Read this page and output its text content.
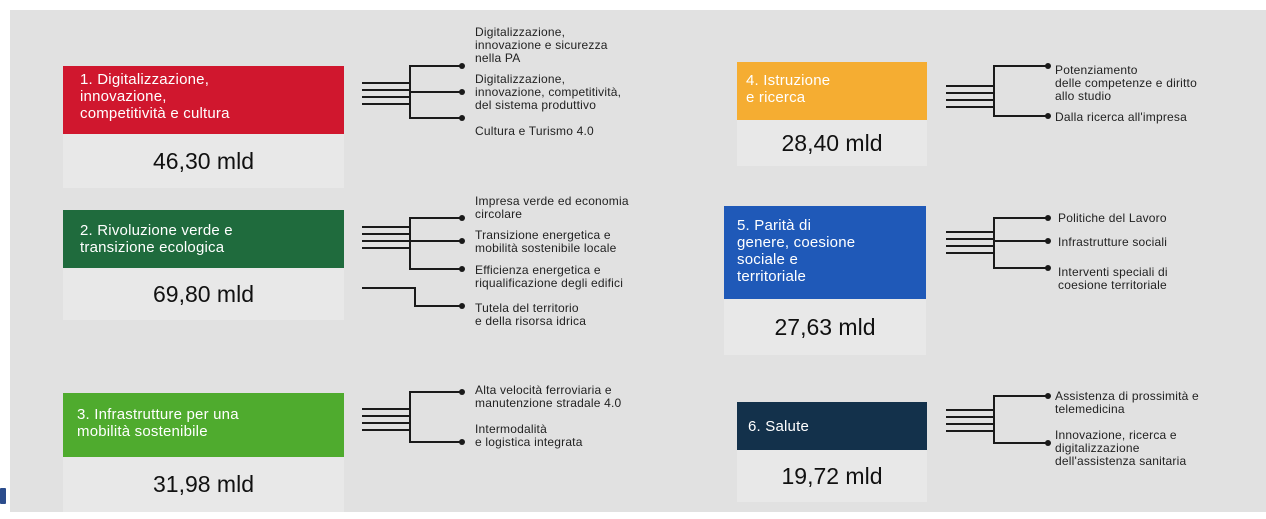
1. Digitalizzazione,
innovazione,
competitività e cultura
46,30 mld
2. Rivoluzione verde e
transizione ecologica
69,80 mld
3. Infrastrutture per una
mobilità sostenibile
31,98 mld
4. Istruzione
e ricerca
28,40 mld
5. Parità di
genere, coesione
sociale e
territoriale
27,63 mld
6. Salute
19,72 mld
Digitalizzazione,
innovazione e sicurezza
nella PA
Digitalizzazione,
innovazione, competitività,
del sistema produttivo
Cultura e Turismo 4.0
Impresa verde ed economia
circolare
Transizione energetica e
mobilità sostenibile locale
Efficienza energetica e
riqualificazione degli edifici
Tutela del territorio
e della risorsa idrica
Alta velocità ferroviaria e
manutenzione stradale 4.0
Intermodalità
e logistica integrata
Potenziamento
delle competenze e diritto
allo studio
Dalla ricerca all'impresa
Politiche del Lavoro
Infrastrutture sociali
Interventi speciali di
coesione territoriale
Assistenza di prossimità e
telemedicina
Innovazione, ricerca e
digitalizzazione
dell'assistenza sanitaria
